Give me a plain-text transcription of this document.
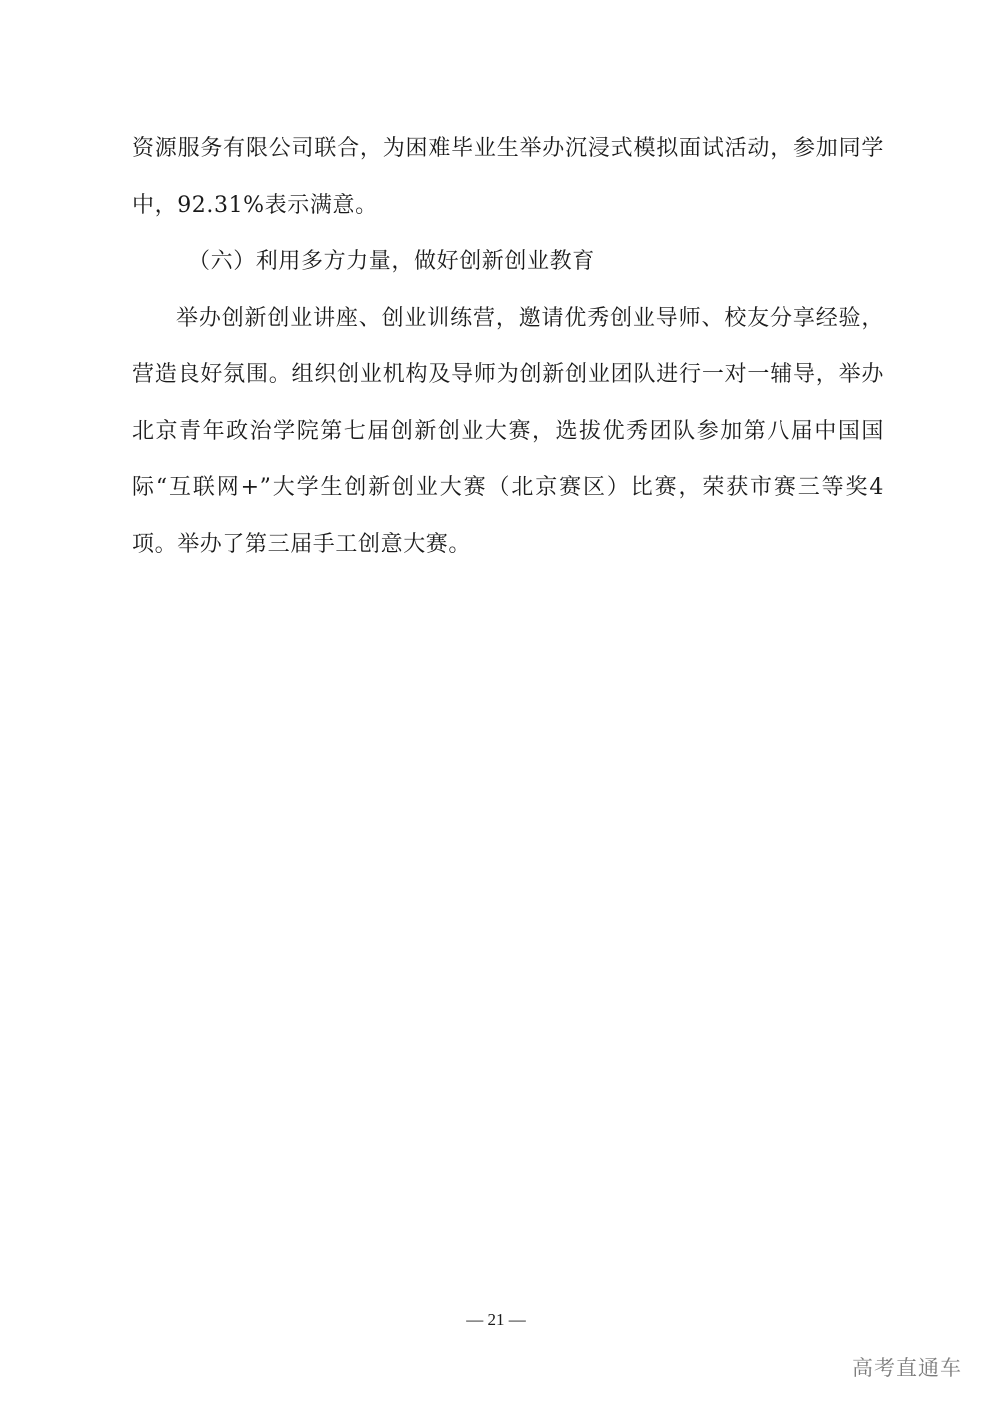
资源服务有限公司联合，为困难毕业生举办沉浸式模拟面试活动，参加同学中，92.31%表示满意。

（六）利用多方力量，做好创新创业教育

举办创新创业讲座、创业训练营，邀请优秀创业导师、校友分享经验，营造良好氛围。组织创业机构及导师为创新创业团队进行一对一辅导，举办北京青年政治学院第七届创新创业大赛，选拔优秀团队参加第八届中国国际“互联网+”大学生创新创业大赛（北京赛区）比赛，荣获市赛三等奖4项。举办了第三届手工创意大赛。

— 21 —
高考直通车
